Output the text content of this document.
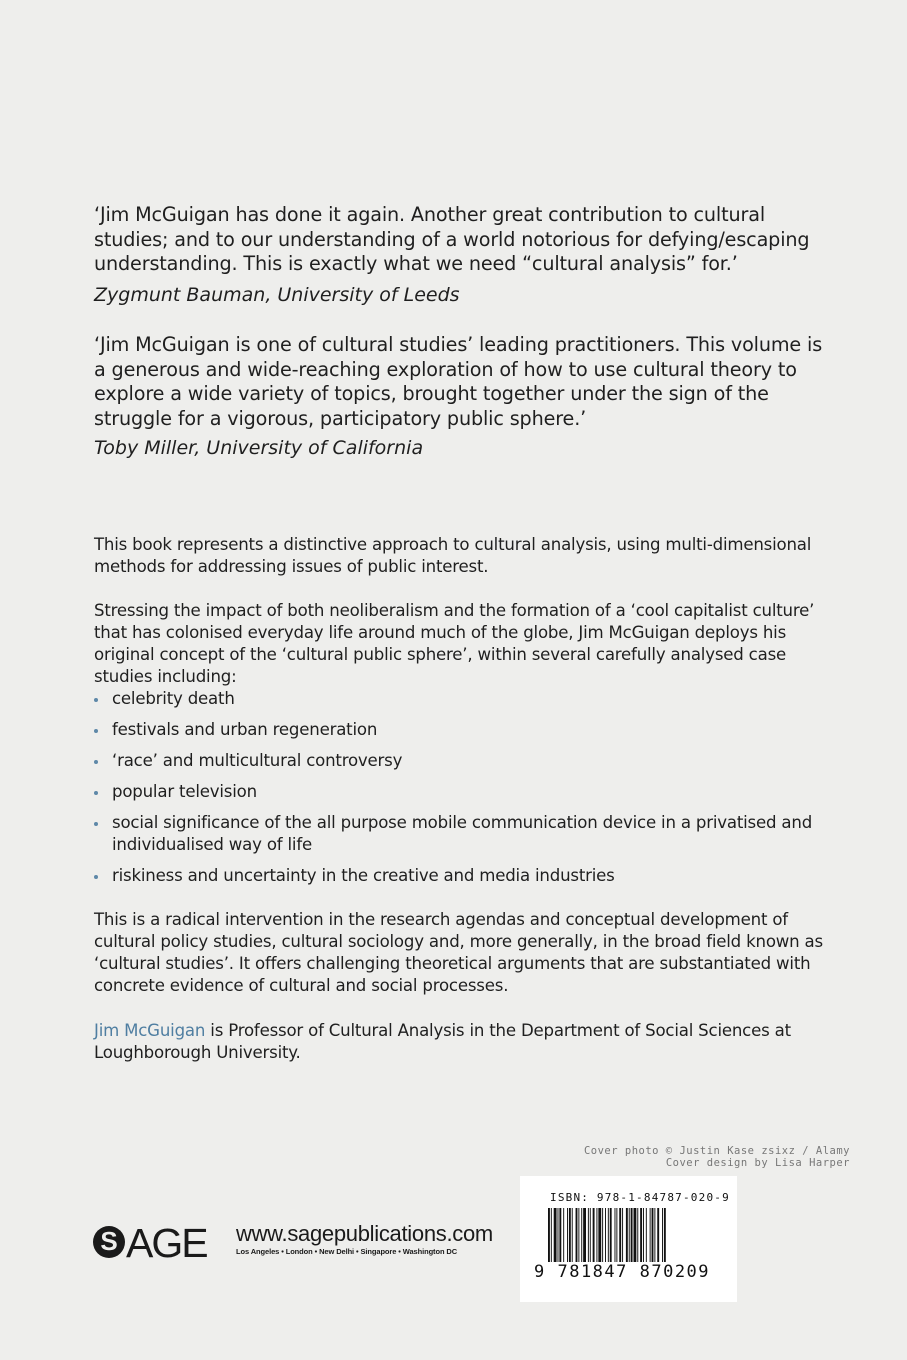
‘Jim McGuigan has done it again. Another great contribution to cultural studies; and to our understanding of a world notorious for defying/escaping understanding. This is exactly what we need “cultural analysis” for.’

Zygmunt Bauman, University of Leeds

‘Jim McGuigan is one of cultural studies’ leading practitioners. This volume is a generous and wide-reaching exploration of how to use cultural theory to explore a wide variety of topics, brought together under the sign of the struggle for a vigorous, participatory public sphere.’

Toby Miller, University of California

This book represents a distinctive approach to cultural analysis, using multi-dimensional methods for addressing issues of public interest.

Stressing the impact of both neoliberalism and the formation of a ‘cool capitalist culture’ that has colonised everyday life around much of the globe, Jim McGuigan deploys his original concept of the ‘cultural public sphere’, within several carefully analysed case studies including:

celebrity death
festivals and urban regeneration
‘race’ and multicultural controversy
popular television
social significance of the all purpose mobile communication device in a privatised and individualised way of life
riskiness and uncertainty in the creative and media industries

This is a radical intervention in the research agendas and conceptual development of cultural policy studies, cultural sociology and, more generally, in the broad field known as ‘cultural studies’. It offers challenging theoretical arguments that are substantiated with concrete evidence of cultural and social processes.

Jim McGuigan is Professor of Cultural Analysis in the Department of Social Sciences at Loughborough University.

Cover photo © Justin Kase zsixz / Alamy
Cover design by Lisa Harper
S AGE www.sagepublications.com
Los Angeles • London • New Delhi • Singapore • Washington DC
ISBN: 978-1-84787-020-9
9 781847 870209
